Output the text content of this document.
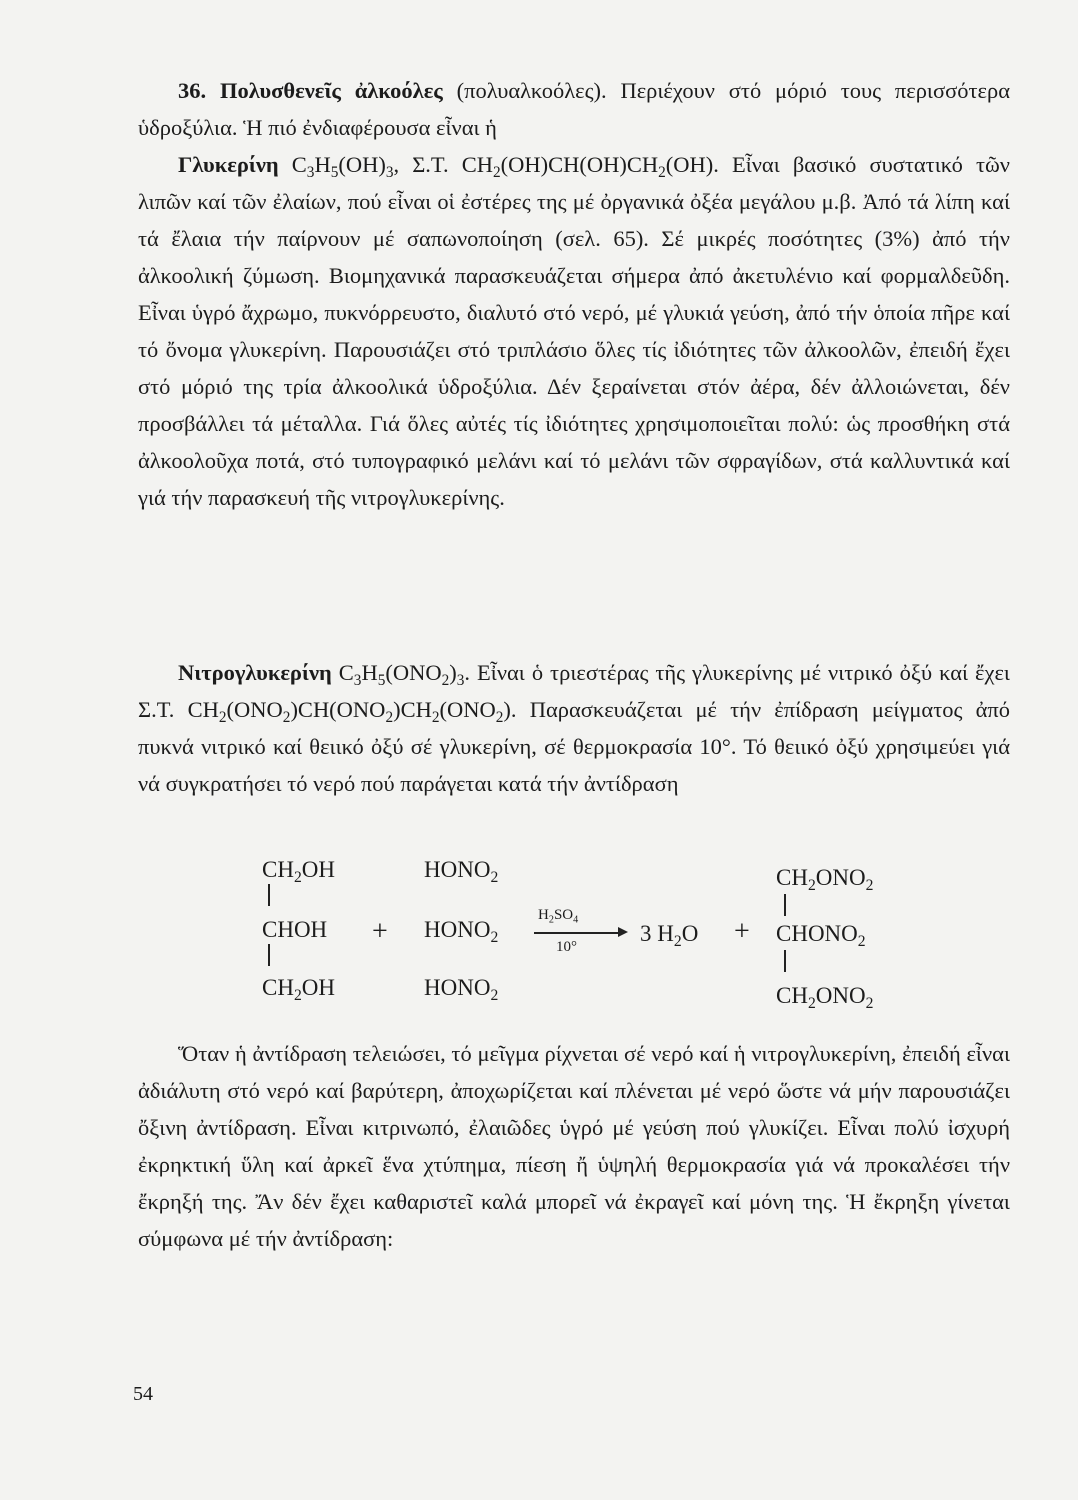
36. Πολυσθενεῖς ἀλκοόλες (πολυαλκοόλες). Περιέχουν στό μόριό τους περισσότερα ὑδροξύλια. Ἡ πιό ἐνδιαφέρουσα εἶναι ἡ
Γλυκερίνη $C_3H_5(OH)_3$, Σ.Τ. $CH_2(OH)CH(OH)CH_2(OH)$. Εἶναι βασικό συστατικό τῶν λιπῶν καί τῶν ἐλαίων, πού εἶναι οἱ ἐστέρες της μέ ὀργανικά ὀξέα μεγάλου μ.β. Ἀπό τά λίπη καί τά ἔλαια τήν παίρνουν μέ σαπωνοποίηση (σελ. 65). Σέ μικρές ποσότητες (3%) ἀπό τήν ἀλκοολική ζύμωση. Βιομηχανικά παρασκευάζεται σήμερα ἀπό ἀκετυλένιο καί φορμαλδεῦδη. Εἶναι ὑγρό ἄχρωμο, πυκνόρρευστο, διαλυτό στό νερό, μέ γλυκιά γεύση, ἀπό τήν ὁποία πῆρε καί τό ὄνομα γλυκερίνη. Παρουσιάζει στό τριπλάσιο ὅλες τίς ἰδιότητες τῶν ἀλκοολῶν, ἐπειδή ἔχει στό μόριό της τρία ἀλκοολικά ὑδροξύλια. Δέν ξεραίνεται στόν ἀέρα, δέν ἀλλοιώνεται, δέν προσβάλλει τά μέταλλα. Γιά ὅλες αὐτές τίς ἰδιότητες χρησιμοποιεῖται πολύ: ὡς προσθήκη στά ἀλκοολοῦχα ποτά, στό τυπογραφικό μελάνι καί τό μελάνι τῶν σφραγίδων, στά καλλυντικά καί γιά τήν παρασκευή τῆς νιτρογλυκερίνης.

Νιτρογλυκερίνη $C_3H_5(ONO_2)_3$. Εἶναι ὁ τριεστέρας τῆς γλυκερίνης μέ νιτρικό ὀξύ καί ἔχει Σ.Τ. $CH_2(ONO_2)CH(ONO_2)CH_2(ONO_2)$. Παρασκευάζεται μέ τήν ἐπίδραση μείγματος ἀπό πυκνά νιτρικό καί θειικό ὀξύ σέ γλυκερίνη, σέ θερμοκρασία 10°. Τό θειικό ὀξύ χρησιμεύει γιά νά συγκρατήσει τό νερό πού παράγεται κατά τήν ἀντίδραση

$CH_2OH$
CHOH
$CH_2OH$
+
$HONO_2$
$HONO_2$
$HONO_2$
$H_2SO_4$
10°
3 $H_2O$ +
$CH_2ONO_2$
$CHONO_2$
$CH_2ONO_2$

Ὅταν ἡ ἀντίδραση τελειώσει, τό μεῖγμα ρίχνεται σέ νερό καί ἡ νιτρογλυκερίνη, ἐπειδή εἶναι ἀδιάλυτη στό νερό καί βαρύτερη, ἀποχωρίζεται καί πλένεται μέ νερό ὥστε νά μήν παρουσιάζει ὄξινη ἀντίδραση. Εἶναι κιτρινωπό, ἐλαιῶδες ὑγρό μέ γεύση πού γλυκίζει. Εἶναι πολύ ἰσχυρή ἐκρηκτική ὕλη καί ἀρκεῖ ἕνα χτύπημα, πίεση ἤ ὑψηλή θερμοκρασία γιά νά προκαλέσει τήν ἔκρηξή της. Ἄν δέν ἔχει καθαριστεῖ καλά μπορεῖ νά ἐκραγεῖ καί μόνη της. Ἡ ἔκρηξη γίνεται σύμφωνα μέ τήν ἀντίδραση:

54
